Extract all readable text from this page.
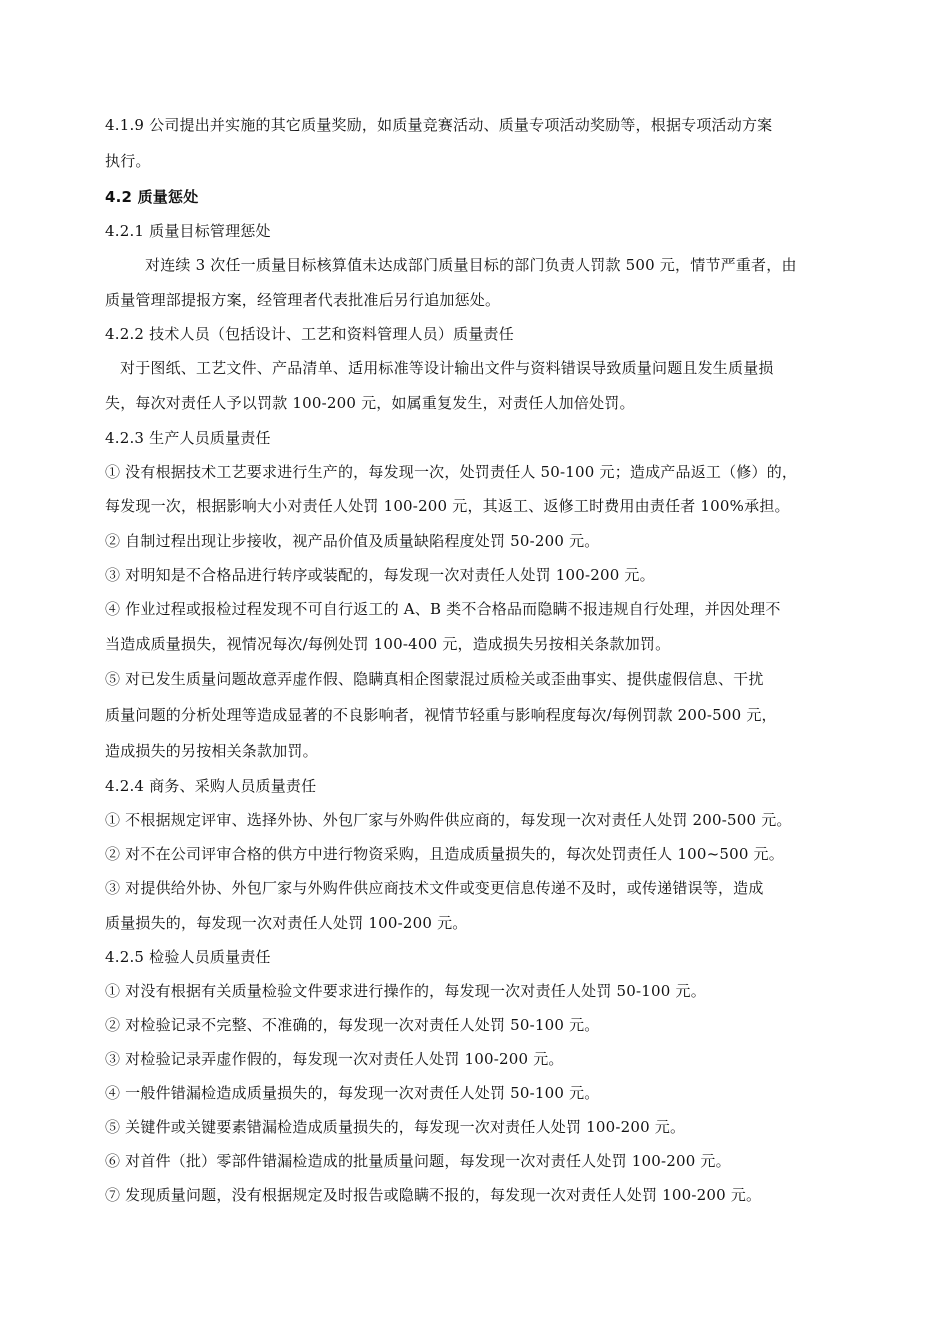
4.1.9 公司提出并实施的其它质量奖励，如质量竞赛活动、质量专项活动奖励等，根据专项活动方案
执行。
4.2 质量惩处
4.2.1 质量目标管理惩处
对连续 3 次任一质量目标核算值未达成部门质量目标的部门负责人罚款 500 元，情节严重者，由
质量管理部提报方案，经管理者代表批准后另行追加惩处。
4.2.2 技术人员（包括设计、工艺和资料管理人员）质量责任
对于图纸、工艺文件、产品清单、适用标准等设计输出文件与资料错误导致质量问题且发生质量损
失，每次对责任人予以罚款 100-200 元，如属重复发生，对责任人加倍处罚。
4.2.3 生产人员质量责任
① 没有根据技术工艺要求进行生产的，每发现一次，处罚责任人 50-100 元；造成产品返工（修）的，
每发现一次，根据影响大小对责任人处罚 100-200 元，其返工、返修工时费用由责任者 100%承担。
② 自制过程出现让步接收，视产品价值及质量缺陷程度处罚 50-200 元。
③ 对明知是不合格品进行转序或装配的，每发现一次对责任人处罚 100-200 元。
④ 作业过程或报检过程发现不可自行返工的 A、B 类不合格品而隐瞒不报违规自行处理，并因处理不
当造成质量损失，视情况每次/每例处罚 100-400 元，造成损失另按相关条款加罚。
⑤ 对已发生质量问题故意弄虚作假、隐瞒真相企图蒙混过质检关或歪曲事实、提供虚假信息、干扰
质量问题的分析处理等造成显著的不良影响者，视情节轻重与影响程度每次/每例罚款 200-500 元，
造成损失的另按相关条款加罚。
4.2.4 商务、采购人员质量责任
① 不根据规定评审、选择外协、外包厂家与外购件供应商的，每发现一次对责任人处罚 200-500 元。
② 对不在公司评审合格的供方中进行物资采购，且造成质量损失的，每次处罚责任人 100~500 元。
③ 对提供给外协、外包厂家与外购件供应商技术文件或变更信息传递不及时，或传递错误等，造成
质量损失的，每发现一次对责任人处罚 100-200 元。
4.2.5 检验人员质量责任
① 对没有根据有关质量检验文件要求进行操作的，每发现一次对责任人处罚 50-100 元。
② 对检验记录不完整、不准确的，每发现一次对责任人处罚 50-100 元。
③ 对检验记录弄虚作假的，每发现一次对责任人处罚 100-200 元。
④ 一般件错漏检造成质量损失的，每发现一次对责任人处罚 50-100 元。
⑤ 关键件或关键要素错漏检造成质量损失的，每发现一次对责任人处罚 100-200 元。
⑥ 对首件（批）零部件错漏检造成的批量质量问题，每发现一次对责任人处罚 100-200 元。
⑦ 发现质量问题，没有根据规定及时报告或隐瞒不报的，每发现一次对责任人处罚 100-200 元。
